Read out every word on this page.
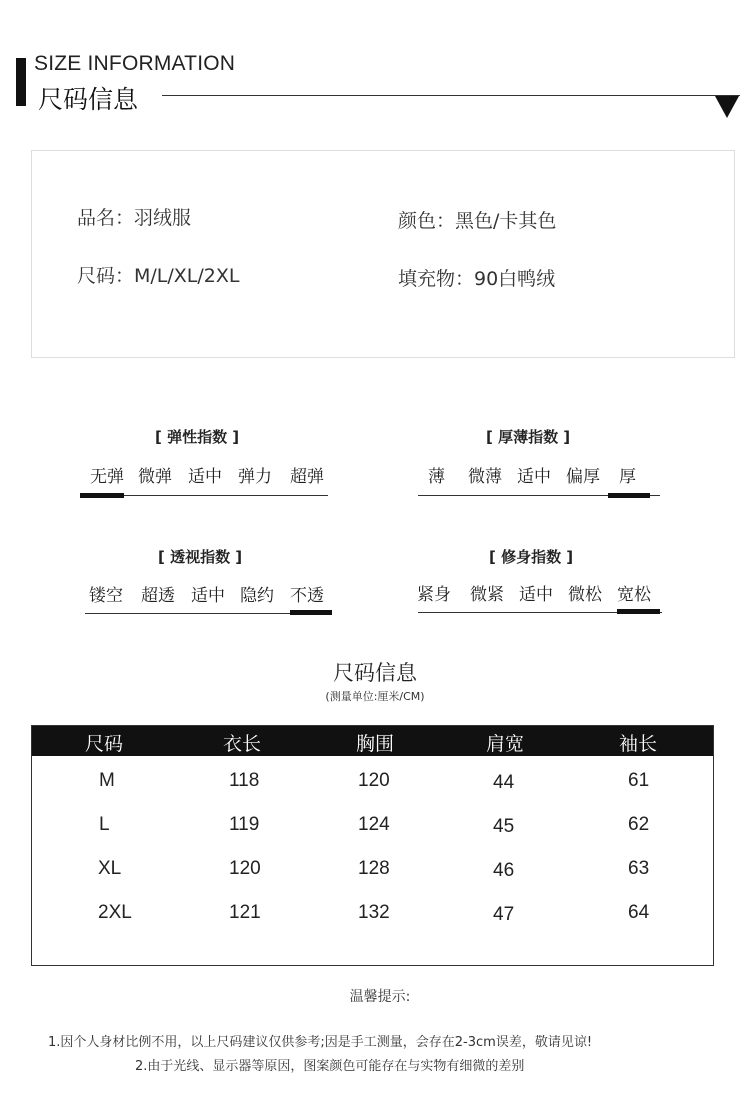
SIZE INFORMATION
尺码信息
品名：羽绒服	颜色：黑色/卡其色
尺码：M/L/XL/2XL	填充物：90白鸭绒
[ 弹性指数 ]
无弹 微弹 适中 弹力 超弹
[ 厚薄指数 ]
薄 微薄 适中 偏厚 厚
[ 透视指数 ]
镂空 超透 适中 隐约 不透
[ 修身指数 ]
紧身 微紧 适中 微松 宽松
尺码信息
(测量单位:厘米/CM)
尺码	衣长	胸围	肩宽	袖长
M	118	120	44	61
L	119	124	45	62
XL	120	128	46	63
2XL	121	132	47	64
温馨提示:
1.因个人身材比例不用，以上尺码建议仅供参考;因是手工测量，会存在2-3cm误差，敬请见谅!
2.由于光线、显示器等原因，图案颜色可能存在与实物有细微的差别
